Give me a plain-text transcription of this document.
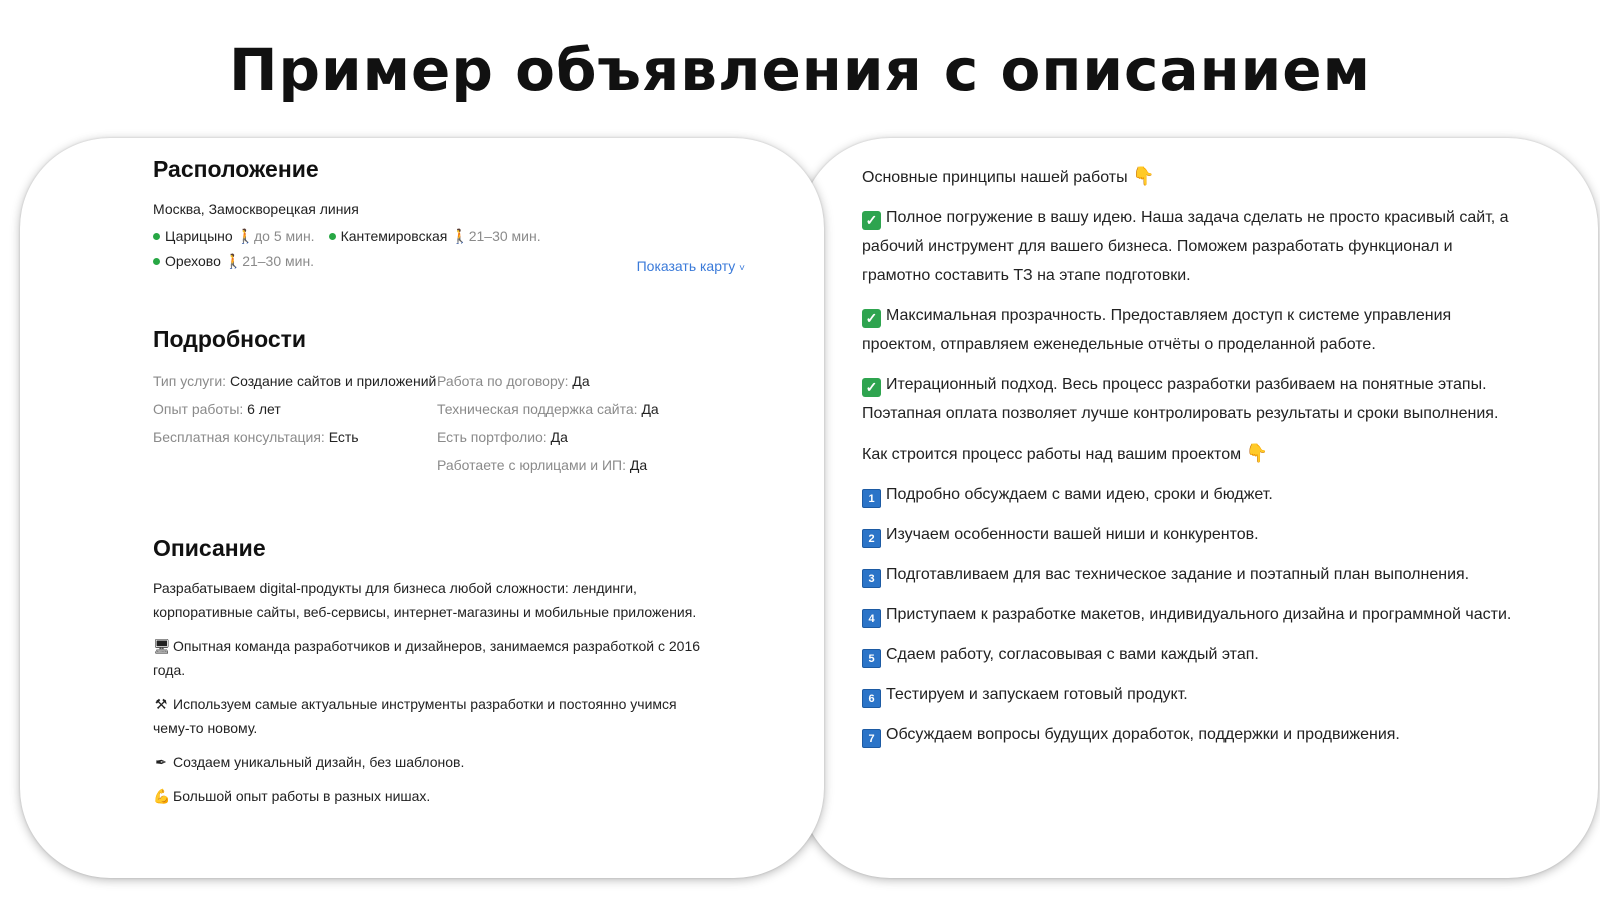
Пример объявления с описанием
Расположение
Москва, Замоскворецкая линия
Царицыно 🚶до 5 мин. Кантемировская 🚶21–30 мин.
Орехово 🚶21–30 мин.	Показать карту ˅
Подробности
Тип услуги: Создание сайтов и приложений
Опыт работы: 6 лет
Бесплатная консультация: Есть
Работа по договору: Да
Техническая поддержка сайта: Да
Есть портфолио: Да
Работаете с юрлицами и ИП: Да
Описание

Разрабатываем digital-продукты для бизнеса любой сложности: лендинги, корпоративные сайты, веб-сервисы, интернет-магазины и мобильные приложения.

🖥 Опытная команда разработчиков и дизайнеров, занимаемся разработкой с 2016 года.

⚒ Используем самые актуальные инструменты разработки и постоянно учимся чему-то новому.

✒ Создаем уникальный дизайн, без шаблонов.

💪 Большой опыт работы в разных нишах.

Основные принципы нашей работы 👇
✓ Полное погружение в вашу идею. Наша задача сделать не просто красивый сайт, а рабочий инструмент для вашего бизнеса. Поможем разработать функционал и грамотно составить ТЗ на этапе подготовки.
✓ Максимальная прозрачность. Предоставляем доступ к системе управления проектом, отправляем еженедельные отчёты о проделанной работе.
✓ Итерационный подход. Весь процесс разработки разбиваем на понятные этапы. Поэтапная оплата позволяет лучше контролировать результаты и сроки выполнения.
Как строится процесс работы над вашим проектом 👇
1 Подробно обсуждаем с вами идею, сроки и бюджет.
2 Изучаем особенности вашей ниши и конкурентов.
3 Подготавливаем для вас техническое задание и поэтапный план выполнения.
4 Приступаем к разработке макетов, индивидуального дизайна и программной части.
5 Сдаем работу, согласовывая с вами каждый этап.
6 Тестируем и запускаем готовый продукт.
7 Обсуждаем вопросы будущих доработок, поддержки и продвижения.
